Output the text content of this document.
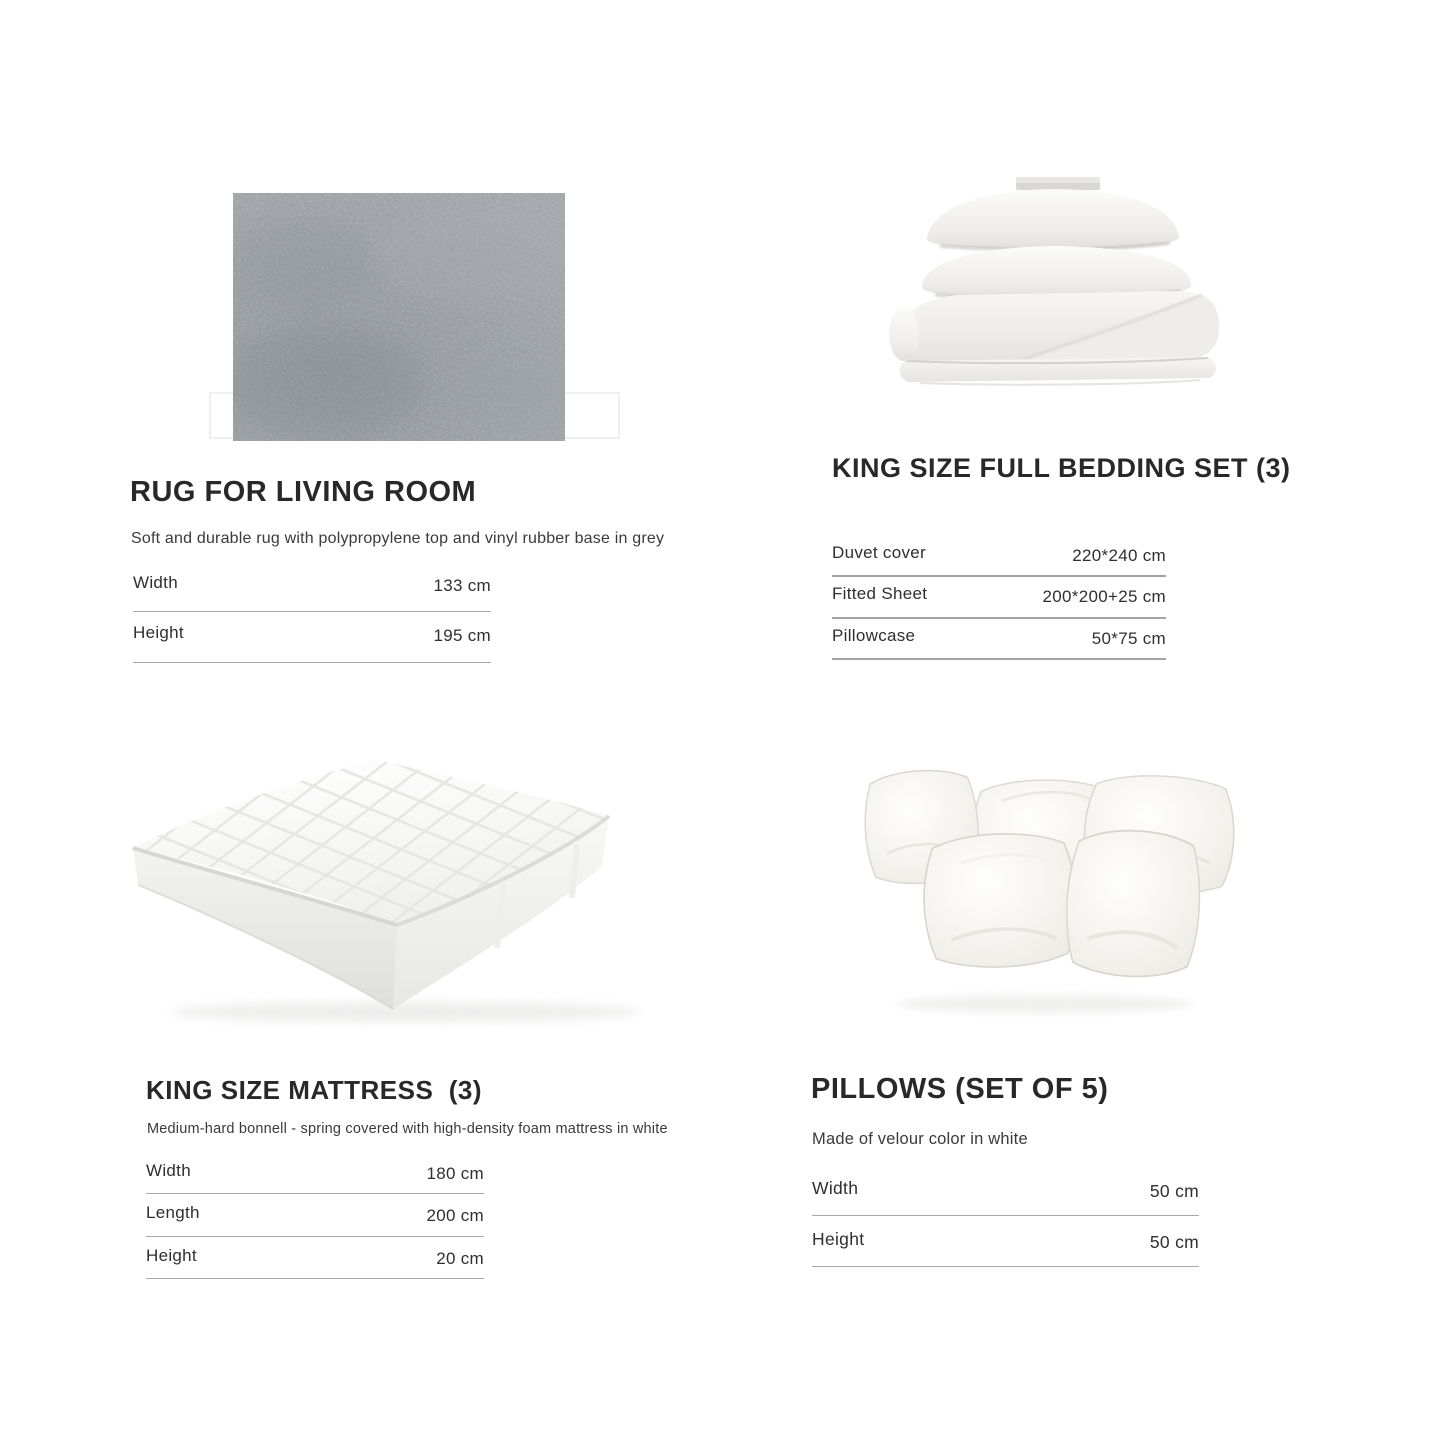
RUG FOR LIVING ROOM

Soft and durable rug with polypropylene top and vinyl rubber base in grey

Width	133 cm
Height	195 cm
KING SIZE FULL BEDDING SET (3)
Duvet cover	220*240 cm
Fitted Sheet	200*200+25 cm
Pillowcase	50*75 cm
KING SIZE MATTRESS  (3)

Medium-hard bonnell - spring covered with high-density foam mattress in white

Width	180 cm
Length	200 cm
Height	20 cm
PILLOWS (SET OF 5)

Made of velour color in white

Width	50 cm
Height	50 cm
